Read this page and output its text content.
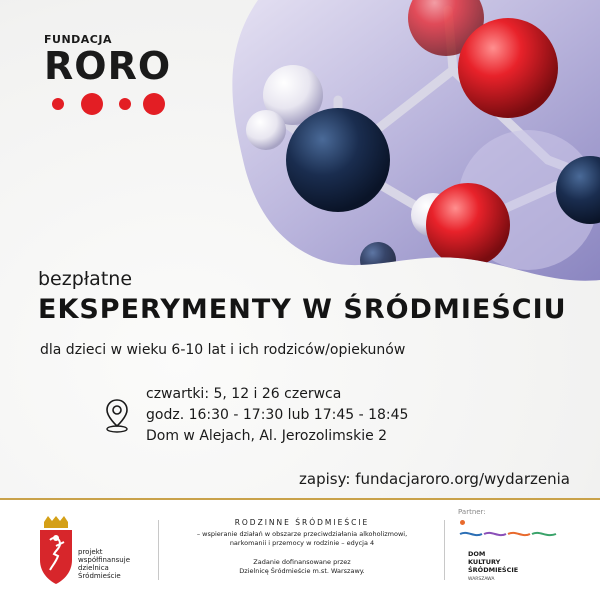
FUNDACJA
RORO
bezpłatne
EKSPERYMENTY W ŚRÓDMIEŚCIU
dla dzieci w wieku 6-10 lat i ich rodziców/opiekunów
czwartki: 5, 12 i 26 czerwca
godz. 16:30 - 17:30 lub 17:45 - 18:45
Dom w Alejach, Al. Jerozolimskie 2
zapisy: fundacjaroro.org/wydarzenia
projekt
współfinansuje
dzielnica
Śródmieście
RODZINNE ŚRÓDMIEŚCIE
– wspieranie działań w obszarze przeciwdziałania alkoholizmowi,
narkomanii i przemocy w rodzinie – edycja 4
Zadanie dofinansowane przez
Dzielnicę Śródmieście m.st. Warszawy.
Partner:
DOM
KULTURY
ŚRÓDMIEŚCIE
WARSZAWA
